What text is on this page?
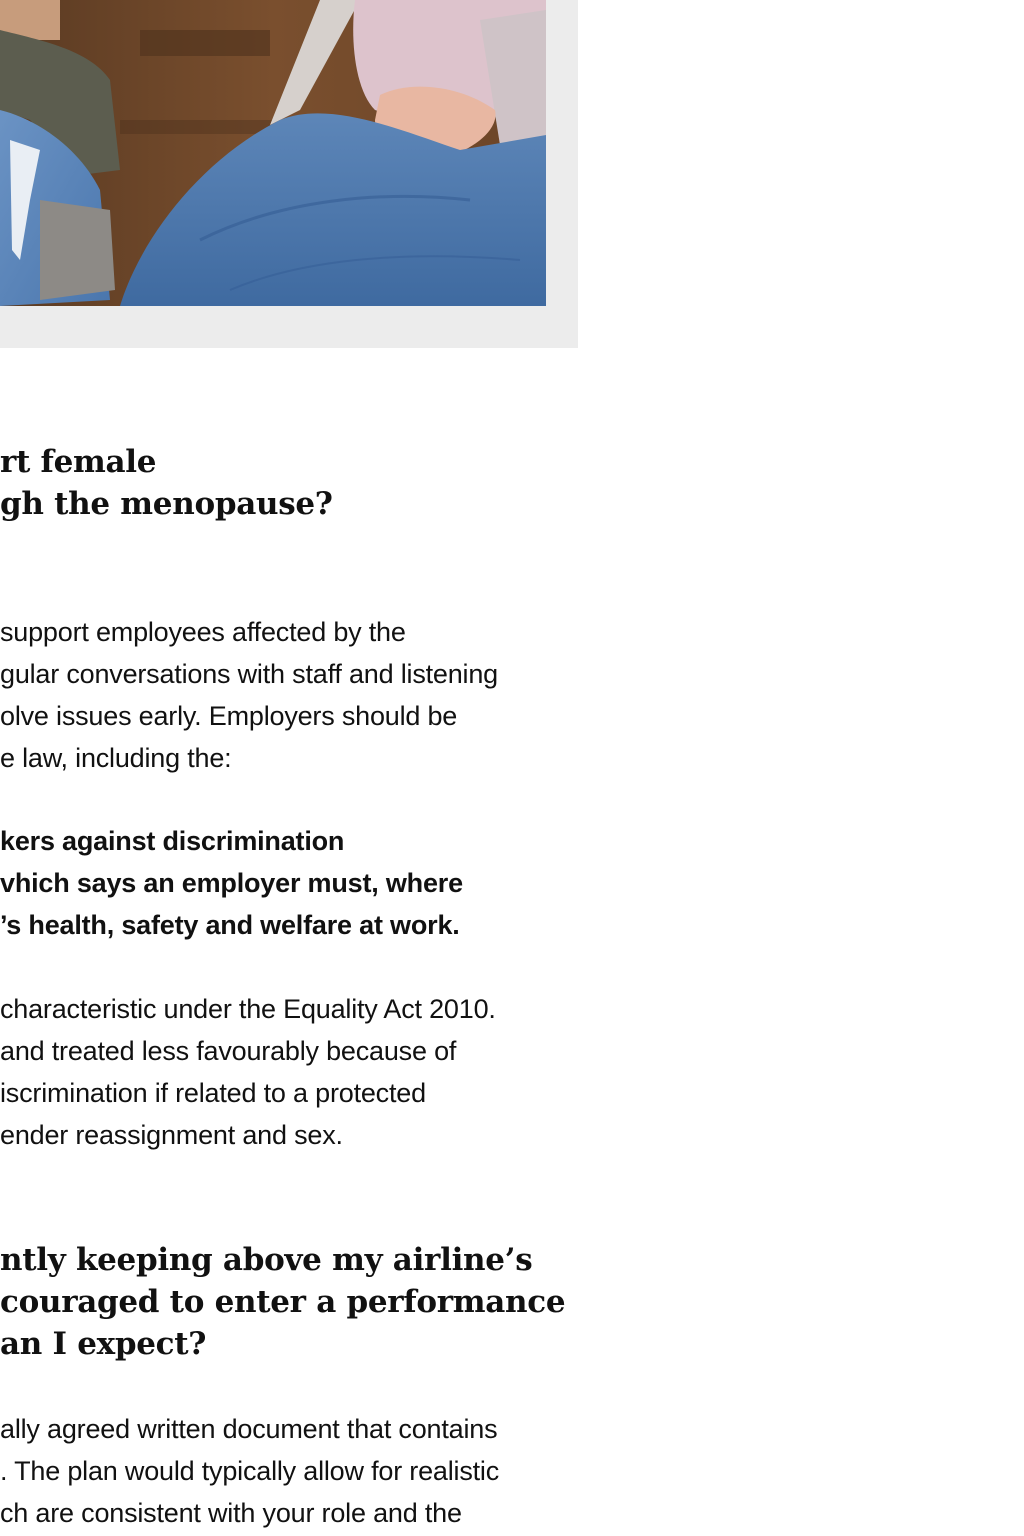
rt female
gh the menopause?

support employees affected by the
gular conversations with staff and listening
olve issues early. Employers should be
e law, including the:

kers against discrimination
vhich says an employer must, where
’s health, safety and welfare at work.

characteristic under the Equality Act 2010.
and treated less favourably because of
iscrimination if related to a protected
ender reassignment and sex.

ntly keeping above my airline’s
couraged to enter a performance
an I expect?

ally agreed written document that contains
. The plan would typically allow for realistic
ch are consistent with your role and the
